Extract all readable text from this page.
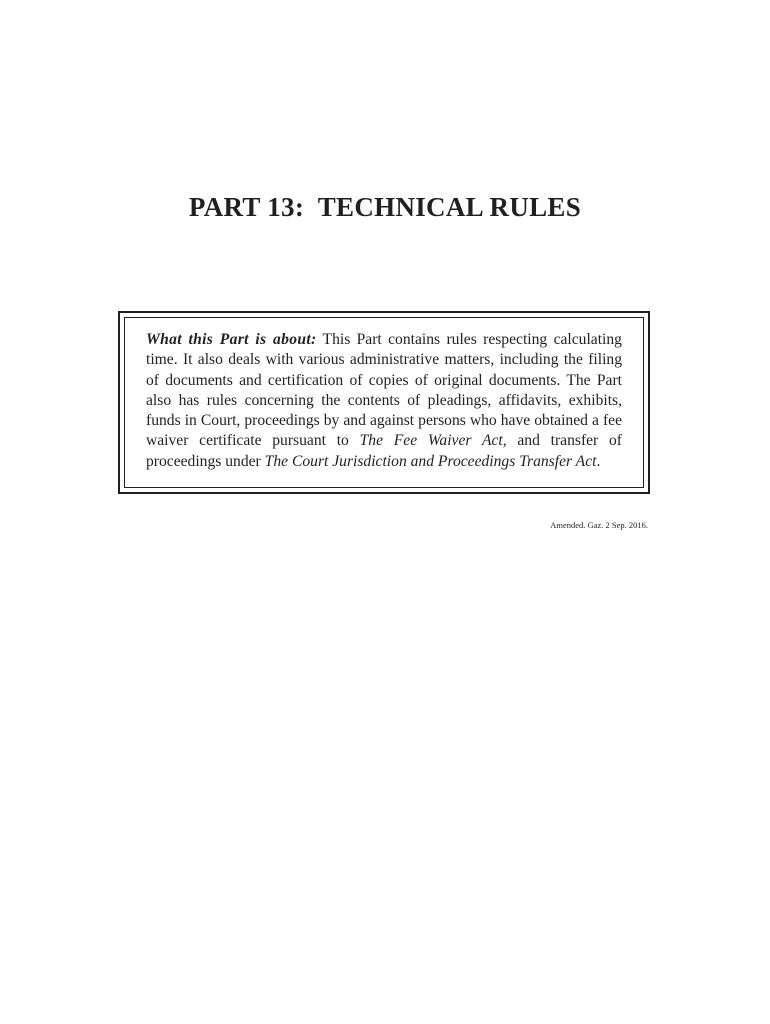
PART 13:  TECHNICAL RULES

What this Part is about: This Part contains rules respecting calculating time. It also deals with various administrative matters, including the filing of documents and certification of copies of original documents. The Part also has rules concerning the contents of pleadings, affidavits, exhibits, funds in Court, proceedings by and against persons who have obtained a fee waiver certificate pursuant to The Fee Waiver Act, and transfer of proceedings under The Court Jurisdiction and Proceedings Transfer Act.

Amended. Gaz. 2 Sep. 2016.
